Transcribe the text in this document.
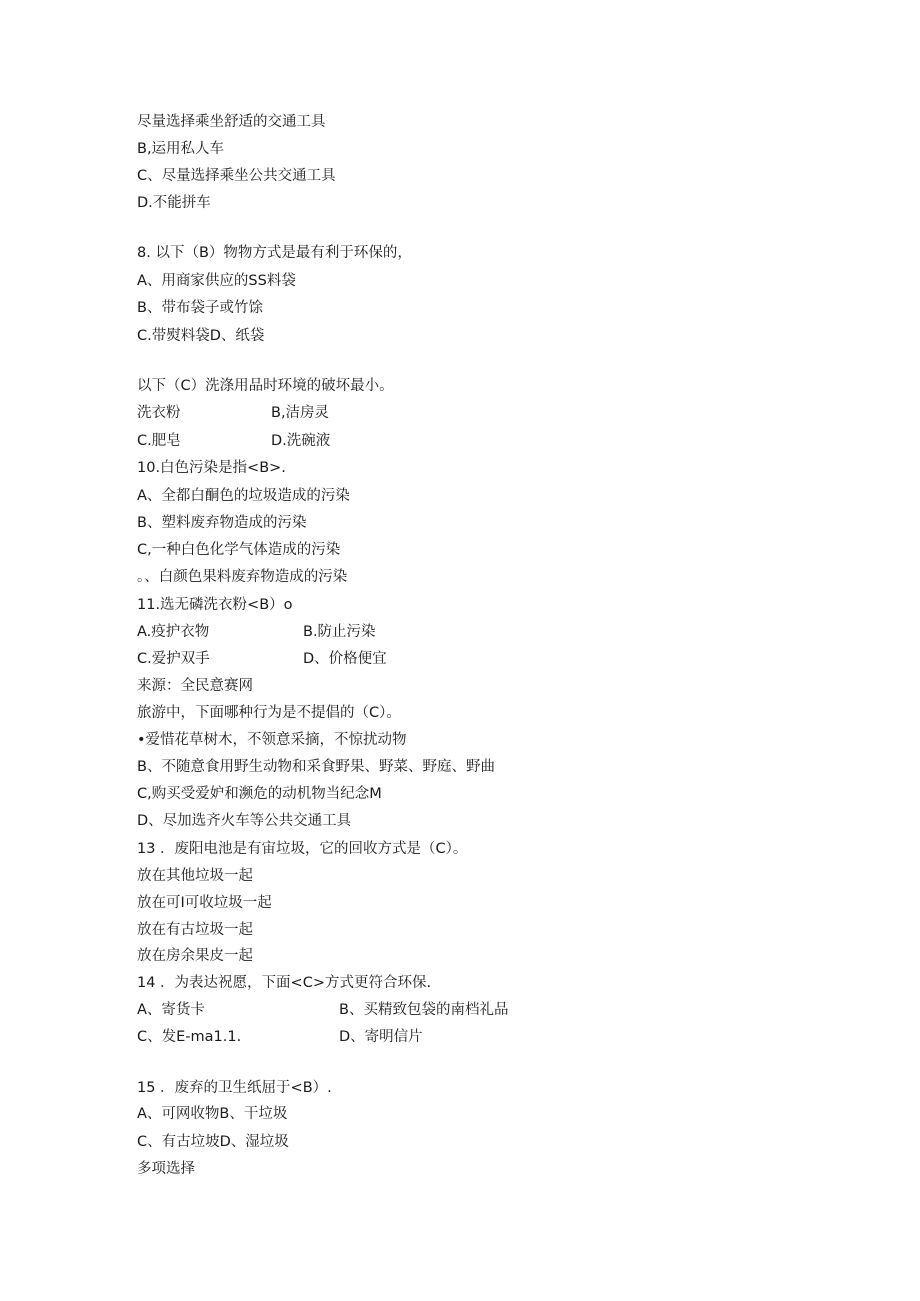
尽量选择乘坐舒适的交通工具
B,运用私人车
C、尽量选择乘坐公共交通工具
D.不能拼车
8. 以下（B）物物方式是最有利于环保的，
A、用商家供应的SS料袋
B、带布袋子或竹馀
C.带熨料袋D、纸袋
以下（C）洗涤用品时环境的破坏最小。
洗衣粉	B,洁房灵
C.肥皂	D.洗碗液
10.白色污染是指<B>.
A、全都白酮色的垃圾造成的污染
B、塑料废弃物造成的污染
C,一种白色化学气体造成的污染
。、白颜色果料废弃物造成的污染
11.选无磷洗衣粉<B）o
A.疫护衣物	B.防止污染
C.爱护双手	D、价格便宜
来源：全民意赛网
旅游中，下面哪种行为是不提倡的（C）。
•爱惜花草树木，不领意采摘，不惊扰动物
B、不随意食用野生动物和采食野果、野菜、野庭、野曲
C,购买受爱妒和濒危的动机物当纪念M
D、尽加选齐火车等公共交通工具
13 ．废阳电池是有宙垃圾，它的回收方式是（C）。
放在其他垃圾一起
放在可I可收垃圾一起
放在有古垃圾一起
放在房余果皮一起
14 ．为表达祝愿，下面<C>方式更符合环保.
A、寄货卡	B、买精致包袋的南档礼品
C、发E-ma1.1.	D、寄明信片
15 ．废弃的卫生纸屈于<B）.
A、可网收物B、干垃圾
C、有古垃坡D、湿垃圾
多项选择
